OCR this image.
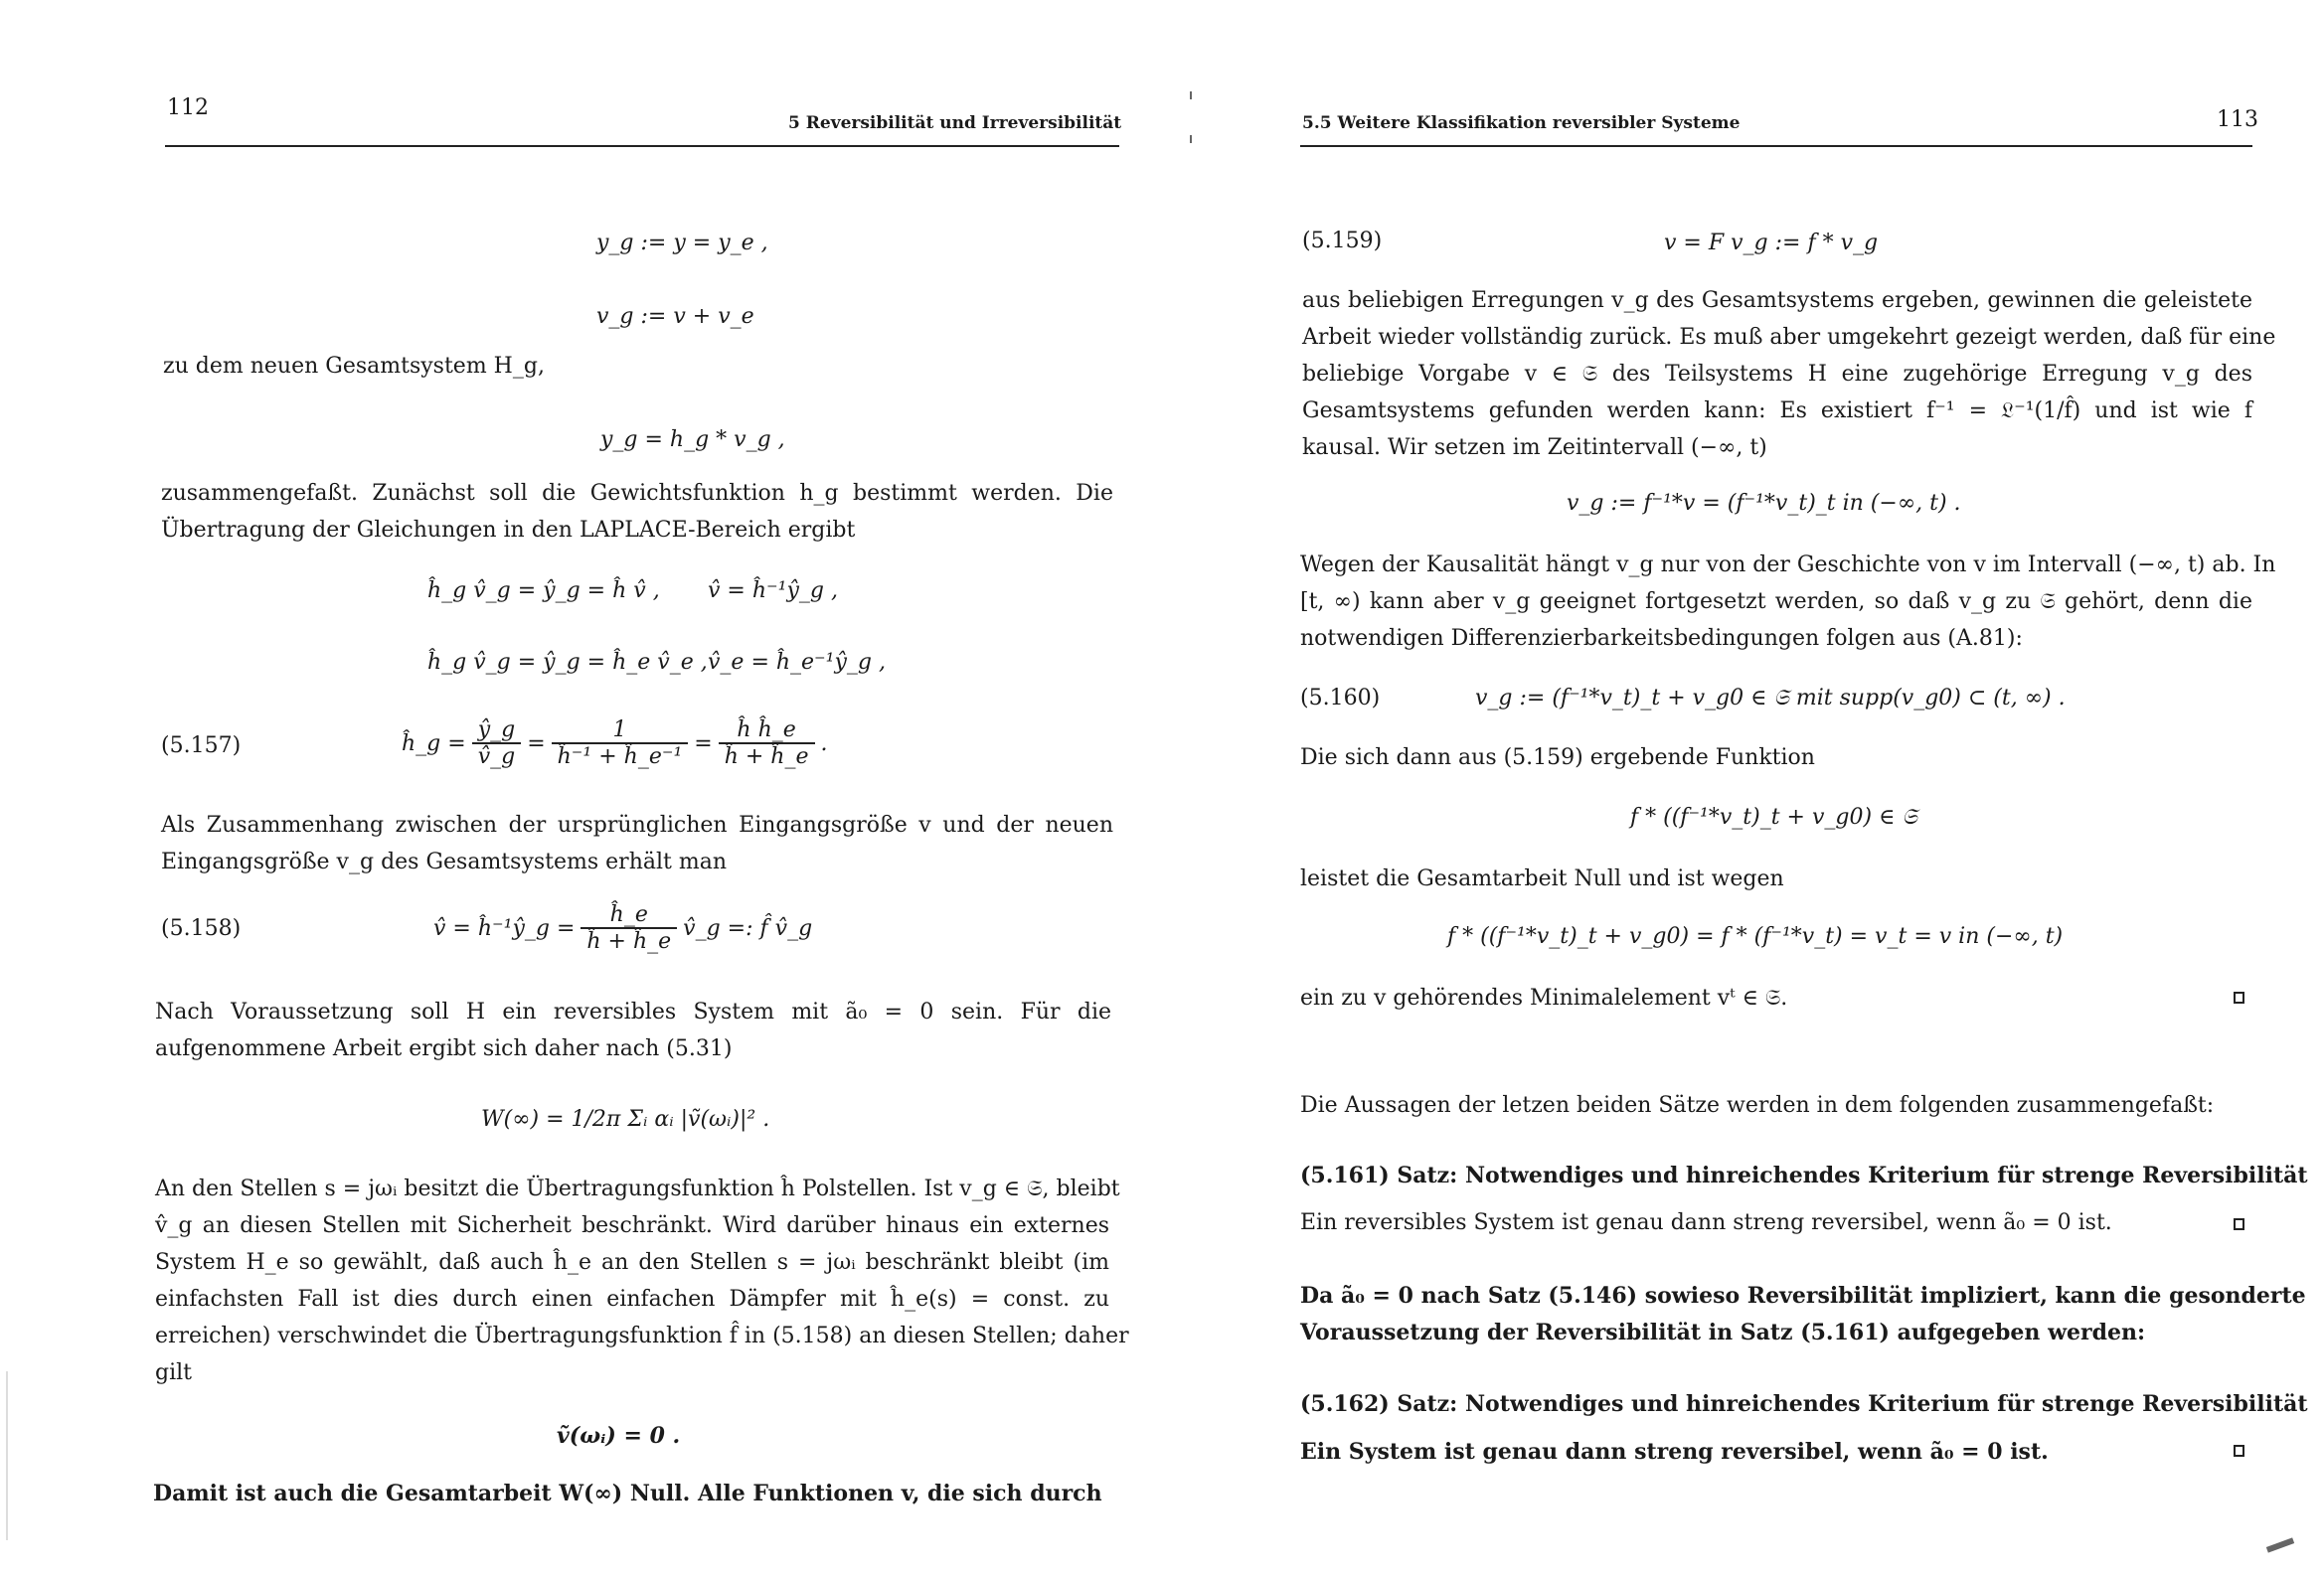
112
5 Reversibilität und Irreversibilität
y_g := y = y_e ,
v_g := v + v_e
zu dem neuen Gesamtsystem H_g,
y_g = h_g * v_g ,
zusammengefaßt. Zunächst soll die Gewichtsfunktion h_g bestimmt werden. Die
Übertragung der Gleichungen in den LAPLACE-Bereich ergibt
ĥ_g v̂_g = ŷ_g = ĥ v̂ , v̂ = ĥ⁻¹ŷ_g ,
ĥ_g v̂_g = ŷ_g = ĥ_e v̂_e , v̂_e = ĥ_e⁻¹ŷ_g ,
(5.157)	ĥ_g = $\frac{ŷ\_g}{v̂\_g} = \frac{1}{\text{ĥ⁻¹ + ĥ\_e⁻¹}} = \frac{\text{ĥ ĥ\_e}}{ĥ + ĥ\_e}$ .
Als Zusammenhang zwischen der ursprünglichen Eingangsgröße v und der neuen
Eingangsgröße v_g des Gesamtsystems erhält man
(5.158)	v̂ = ĥ⁻¹ŷ_g = $\frac{ĥ\_e}{ĥ + ĥ\_e}$ v̂_g =: f̂ v̂_g
Nach Voraussetzung soll H ein reversibles System mit ã₀ = 0 sein. Für die
aufgenommene Arbeit ergibt sich daher nach (5.31)
W(∞) = 1/2π Σᵢ αᵢ |ṽ(ωᵢ)|² .
An den Stellen s = jωᵢ besitzt die Übertragungsfunktion ĥ Polstellen. Ist v_g ∈ 𝔖, bleibt
v̂_g an diesen Stellen mit Sicherheit beschränkt. Wird darüber hinaus ein externes
System H_e so gewählt, daß auch ĥ_e an den Stellen s = jωᵢ beschränkt bleibt (im
einfachsten Fall ist dies durch einen einfachen Dämpfer mit ĥ_e(s) = const. zu
erreichen) verschwindet die Übertragungsfunktion f̂ in (5.158) an diesen Stellen; daher
gilt
ṽ(ωᵢ) = 0 .
Damit ist auch die Gesamtarbeit W(∞) Null. Alle Funktionen v, die sich durch
5.5 Weitere Klassifikation reversibler Systeme	113
(5.159)	v = F v_g := f * v_g
aus beliebigen Erregungen v_g des Gesamtsystems ergeben, gewinnen die geleistete
Arbeit wieder vollständig zurück. Es muß aber umgekehrt gezeigt werden, daß für eine
beliebige Vorgabe v ∈ 𝔖 des Teilsystems H eine zugehörige Erregung v_g des
Gesamtsystems gefunden werden kann: Es existiert f⁻¹ = 𝔏⁻¹(1/f̂) und ist wie f
kausal. Wir setzen im Zeitintervall (−∞, t)
v_g := f⁻¹*v = (f⁻¹*v_t)_t in (−∞, t) .
Wegen der Kausalität hängt v_g nur von der Geschichte von v im Intervall (−∞, t) ab. In
[t, ∞) kann aber v_g geeignet fortgesetzt werden, so daß v_g zu 𝔖 gehört, denn die
notwendigen Differenzierbarkeitsbedingungen folgen aus (A.81):
(5.160)	v_g := (f⁻¹*v_t)_t + v_g0 ∈ 𝔖 mit supp(v_g0) ⊂ (t, ∞) .
Die sich dann aus (5.159) ergebende Funktion
f * ((f⁻¹*v_t)_t + v_g0) ∈ 𝔖
leistet die Gesamtarbeit Null und ist wegen
f * ((f⁻¹*v_t)_t + v_g0) = f * (f⁻¹*v_t) = v_t = v in (−∞, t)
ein zu v gehörendes Minimalelement vᵗ ∈ 𝔖.
Die Aussagen der letzen beiden Sätze werden in dem folgenden zusammengefaßt:
(5.161) Satz: Notwendiges und hinreichendes Kriterium für strenge Reversibilität
Ein reversibles System ist genau dann streng reversibel, wenn ã₀ = 0 ist.
Da ã₀ = 0 nach Satz (5.146) sowieso Reversibilität impliziert, kann die gesonderte
Voraussetzung der Reversibilität in Satz (5.161) aufgegeben werden:
(5.162) Satz: Notwendiges und hinreichendes Kriterium für strenge Reversibilität
Ein System ist genau dann streng reversibel, wenn ã₀ = 0 ist.
